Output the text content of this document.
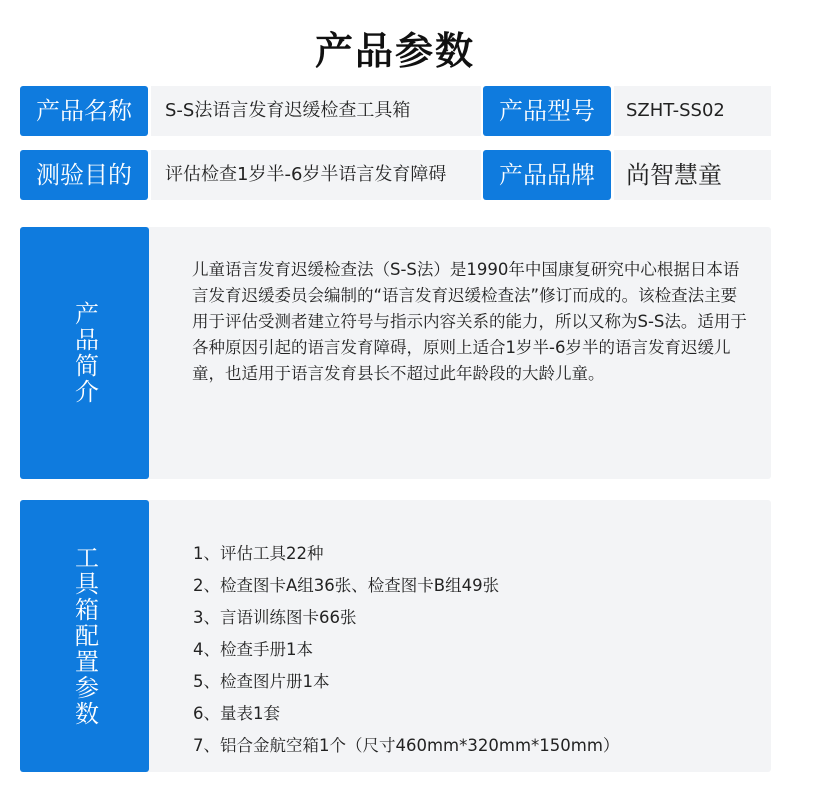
产品参数
产品名称	S-S法语言发育迟缓检查工具箱	产品型号	SZHT-SS02
测验目的	评估检查1岁半-6岁半语言发育障碍	产品品牌	尚智慧童
产品简介

儿童语言发育迟缓检查法（S-S法）是1990年中国康复研究中心根据日本语言发育迟缓委员会编制的“语言发育迟缓检查法”修订而成的。该检查法主要用于评估受测者建立符号与指示内容关系的能力，所以又称为S-S法。适用于各种原因引起的语言发育障碍，原则上适合1岁半-6岁半的语言发育迟缓儿童，也适用于语言发育县长不超过此年龄段的大龄儿童。

工具箱配置参数	1、评估工具22种
2、检查图卡A组36张、检查图卡B组49张
3、言语训练图卡66张
4、检查手册1本
5、检查图片册1本
6、量表1套
7、铝合金航空箱1个（尺寸460mm*320mm*150mm）
